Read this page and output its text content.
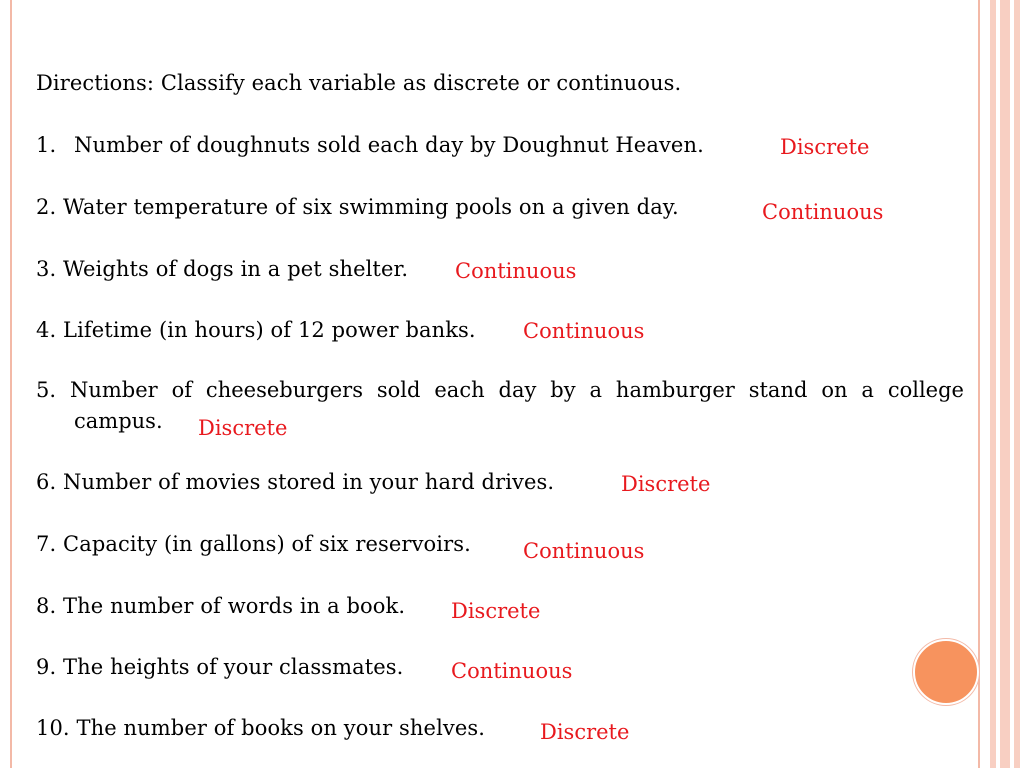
Directions: Classify each variable as discrete or continuous.
1. Number of doughnuts sold each day by Doughnut Heaven.	Discrete
2. Water temperature of six swimming pools on a given day.	Continuous
3. Weights of dogs in a pet shelter. Continuous
4. Lifetime (in hours) of 12 power banks. Continuous
5. Number of cheeseburgers sold each day by a hamburger stand on a college
campus. Discrete
6. Number of movies stored in your hard drives.	Discrete
7. Capacity (in gallons) of six reservoirs. Continuous
8. The number of words in a book. Discrete
9. The heights of your classmates. Continuous
10. The number of books on your shelves.	Discrete
